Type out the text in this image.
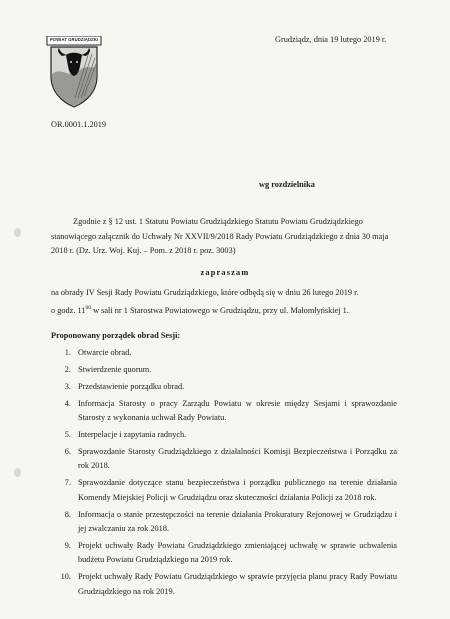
POWIAT GRUDZIĄDZKI	Grudziądz, dnia 19 lutego 2019 r.
OR.0001.1.2019
wg rozdzielnika
Zgodnie z § 12 ust. 1 Statutu Powiatu Grudziądzkiego Statutu Powiatu Grudziądzkiego
stanowiącego załącznik do Uchwały Nr XXVII/9/2018 Rady Powiatu Grudziądzkiego z dnia 30 maja
2018 r. (Dz. Urz. Woj. Kuj. – Pom. z 2018 r. poz. 3003)
zapraszam
na obrady IV Sesji Rady Powiatu Grudziądzkiego, które odbędą się w dniu 26 lutego 2019 r.
o godz. $11^{00}$ w sali nr 1 Starostwa Powiatowego w Grudziądzu, przy ul. Małomłyńskiej 1.
Proponowany porządek obrad Sesji:
1. Otwarcie obrad.
2. Stwierdzenie quorum.
3. Przedstawienie porządku obrad.
4. Informacja Starosty o pracy Zarządu Powiatu w okresie między Sesjami i sprawozdanie Starosty z wykonania uchwał Rady Powiatu.
5. Interpelacje i zapytania radnych.
6. Sprawozdanie Starosty Grudziądzkiego z działalności Komisji Bezpieczeństwa i Porządku za rok 2018.
7. Sprawozdanie dotyczące stanu bezpieczeństwa i porządku publicznego na terenie działania Komendy Miejskiej Policji w Grudziądzu oraz skuteczności działania Policji za 2018 rok.
8. Informacja o stanie przestępczości na terenie działania Prokuratury Rejonowej w Grudziądzu i jej zwalczaniu za rok 2018.
9. Projekt uchwały Rady Powiatu Grudziądzkiego zmieniającej uchwałę w sprawie uchwalenia budżetu Powiatu Grudziądzkiego na 2019 rok.
10. Projekt uchwały Rady Powiatu Grudziądzkiego w sprawie przyjęcia planu pracy Rady Powiatu Grudziądzkiego na rok 2019.
